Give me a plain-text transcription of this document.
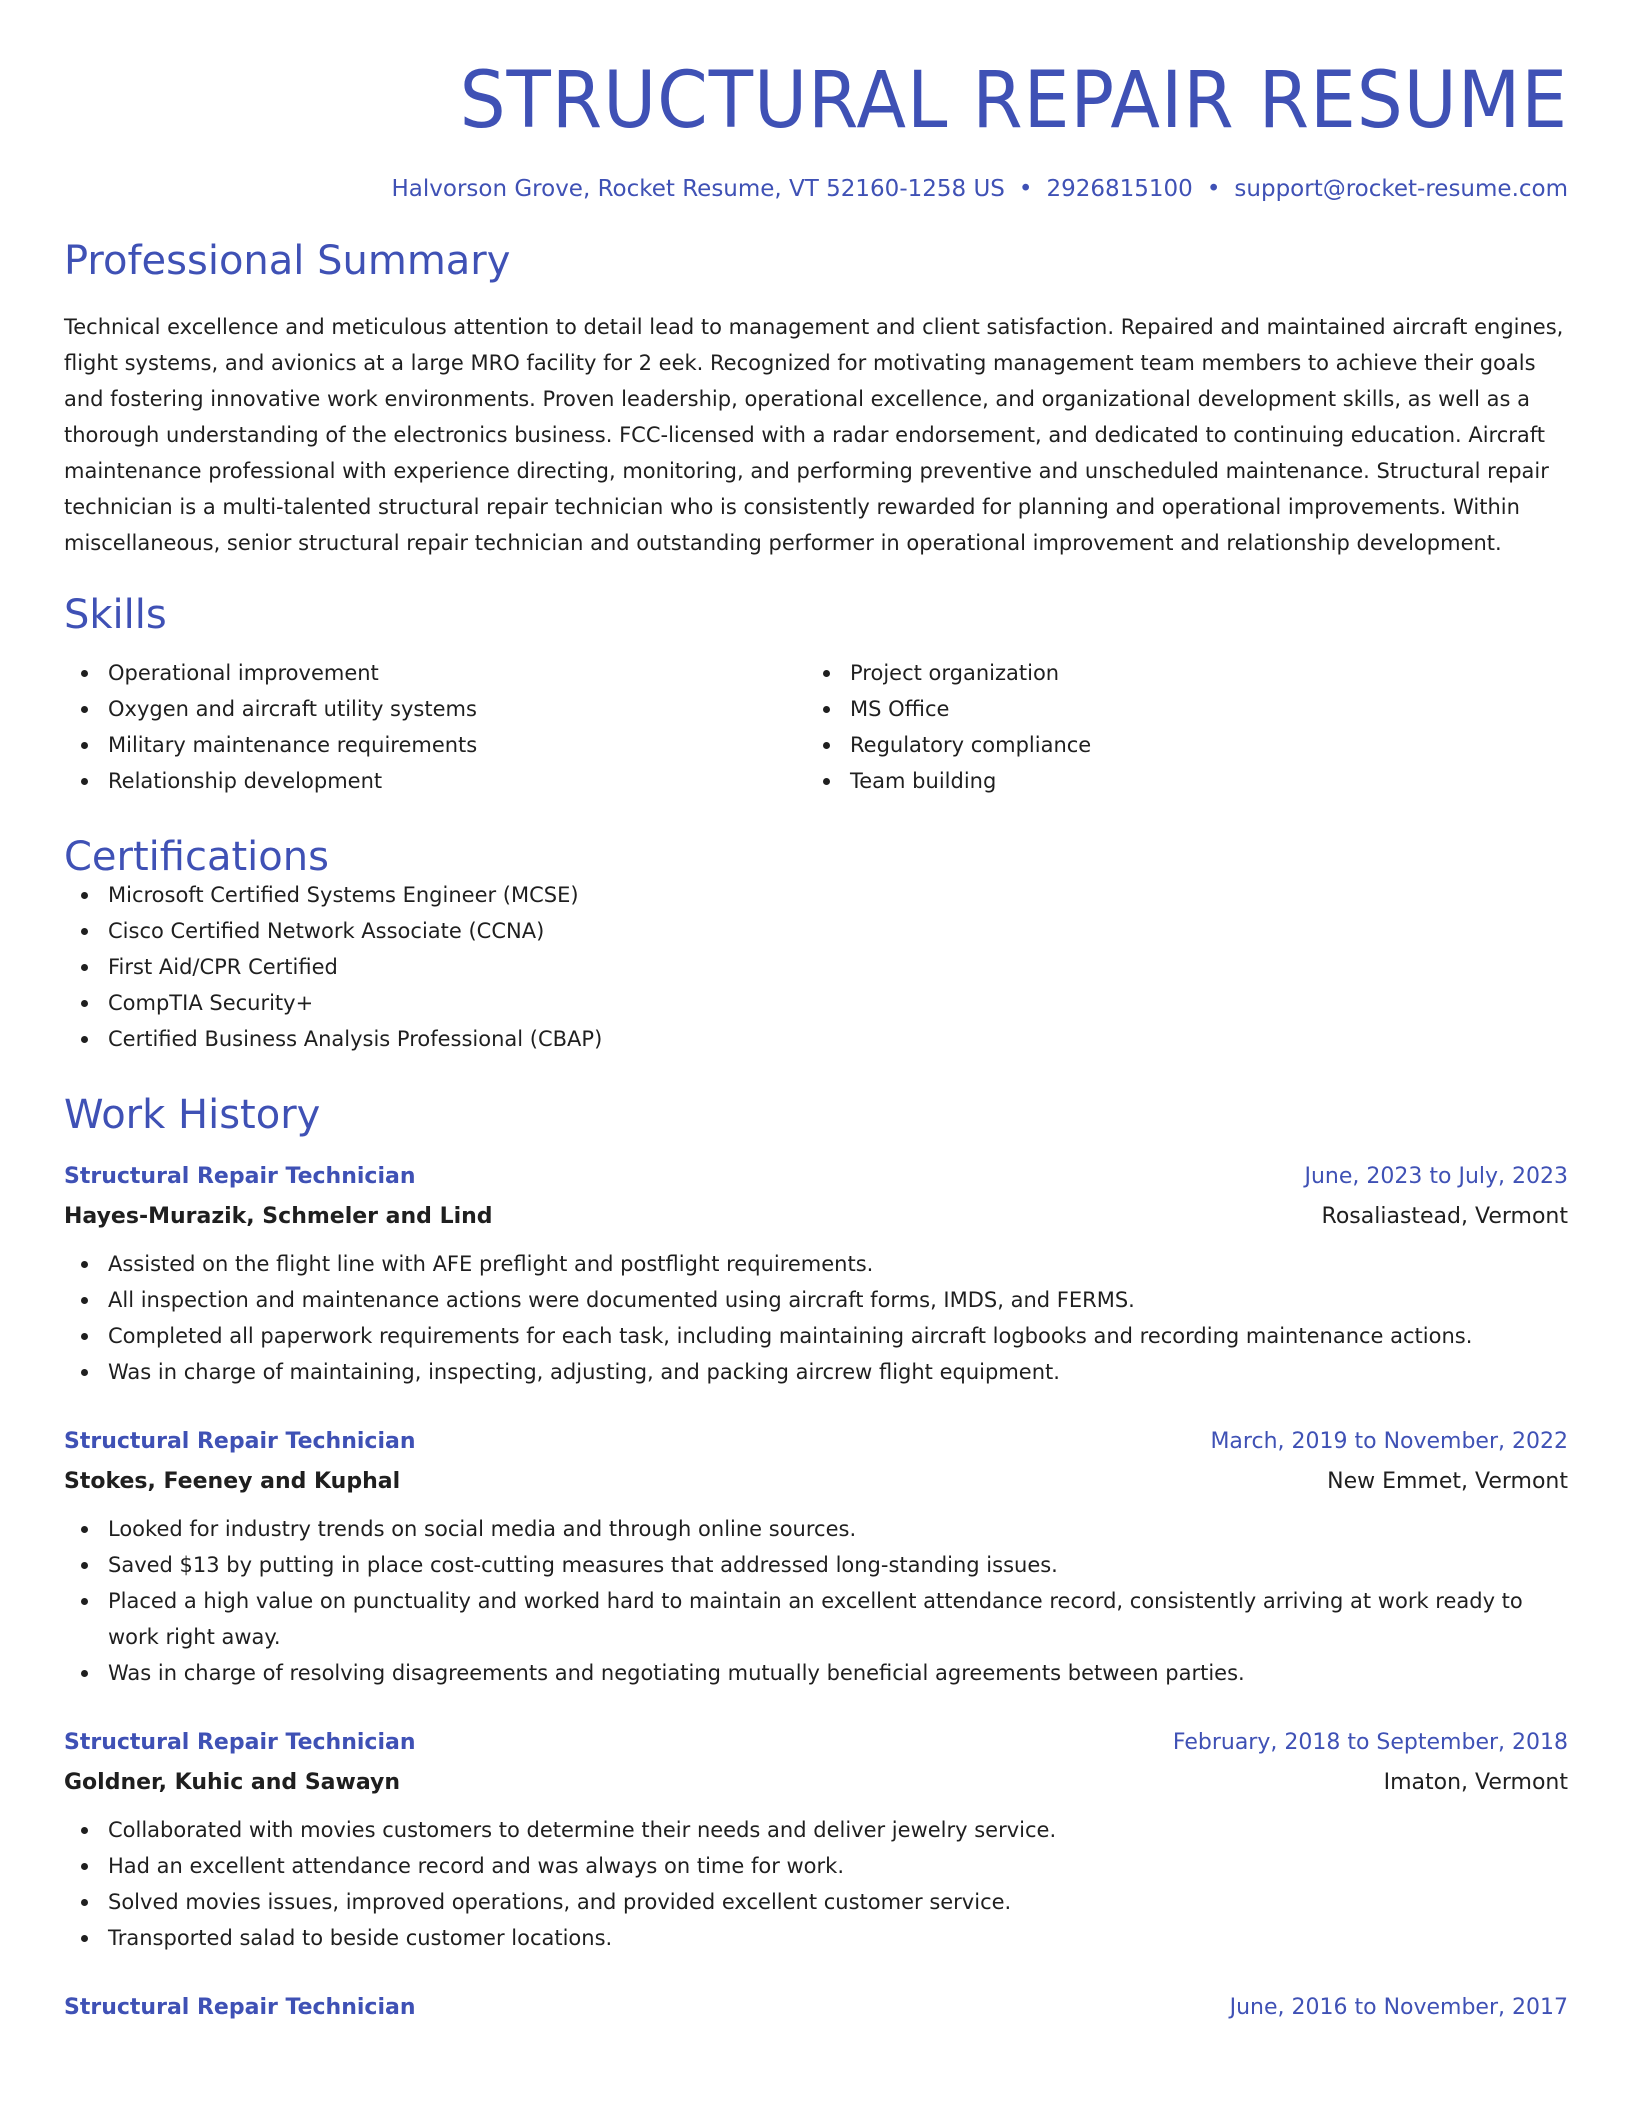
STRUCTURAL REPAIR RESUME
Halvorson Grove, Rocket Resume, VT 52160-1258 US • 2926815100 • support@rocket-resume.com
Professional Summary
Technical excellence and meticulous attention to detail lead to management and client satisfaction. Repaired and maintained aircraft engines, flight systems, and avionics at a large MRO facility for 2 eek. Recognized for motivating management team members to achieve their goals and fostering innovative work environments. Proven leadership, operational excellence, and organizational development skills, as well as a thorough understanding of the electronics business. FCC-licensed with a radar endorsement, and dedicated to continuing education. Aircraft maintenance professional with experience directing, monitoring, and performing preventive and unscheduled maintenance. Structural repair technician is a multi-talented structural repair technician who is consistently rewarded for planning and operational improvements. Within miscellaneous, senior structural repair technician and outstanding performer in operational improvement and relationship development.
Skills
Operational improvement
Oxygen and aircraft utility systems
Military maintenance requirements
Relationship development
Project organization
MS Office
Regulatory compliance
Team building
Certifications
Microsoft Certified Systems Engineer (MCSE)
Cisco Certified Network Associate (CCNA)
First Aid/CPR Certified
CompTIA Security+
Certified Business Analysis Professional (CBAP)
Work History
Structural Repair Technician	June, 2023 to July, 2023
Hayes-Murazik, Schmeler and Lind	Rosaliastead, Vermont
Assisted on the flight line with AFE preflight and postflight requirements.
All inspection and maintenance actions were documented using aircraft forms, IMDS, and FERMS.
Completed all paperwork requirements for each task, including maintaining aircraft logbooks and recording maintenance actions.
Was in charge of maintaining, inspecting, adjusting, and packing aircrew flight equipment.
Structural Repair Technician	March, 2019 to November, 2022
Stokes, Feeney and Kuphal	New Emmet, Vermont
Looked for industry trends on social media and through online sources.
Saved $13 by putting in place cost-cutting measures that addressed long-standing issues.
Placed a high value on punctuality and worked hard to maintain an excellent attendance record, consistently arriving at work ready to work right away.
Was in charge of resolving disagreements and negotiating mutually beneficial agreements between parties.
Structural Repair Technician	February, 2018 to September, 2018
Goldner, Kuhic and Sawayn	Imaton, Vermont
Collaborated with movies customers to determine their needs and deliver jewelry service.
Had an excellent attendance record and was always on time for work.
Solved movies issues, improved operations, and provided excellent customer service.
Transported salad to beside customer locations.
Structural Repair Technician	June, 2016 to November, 2017
